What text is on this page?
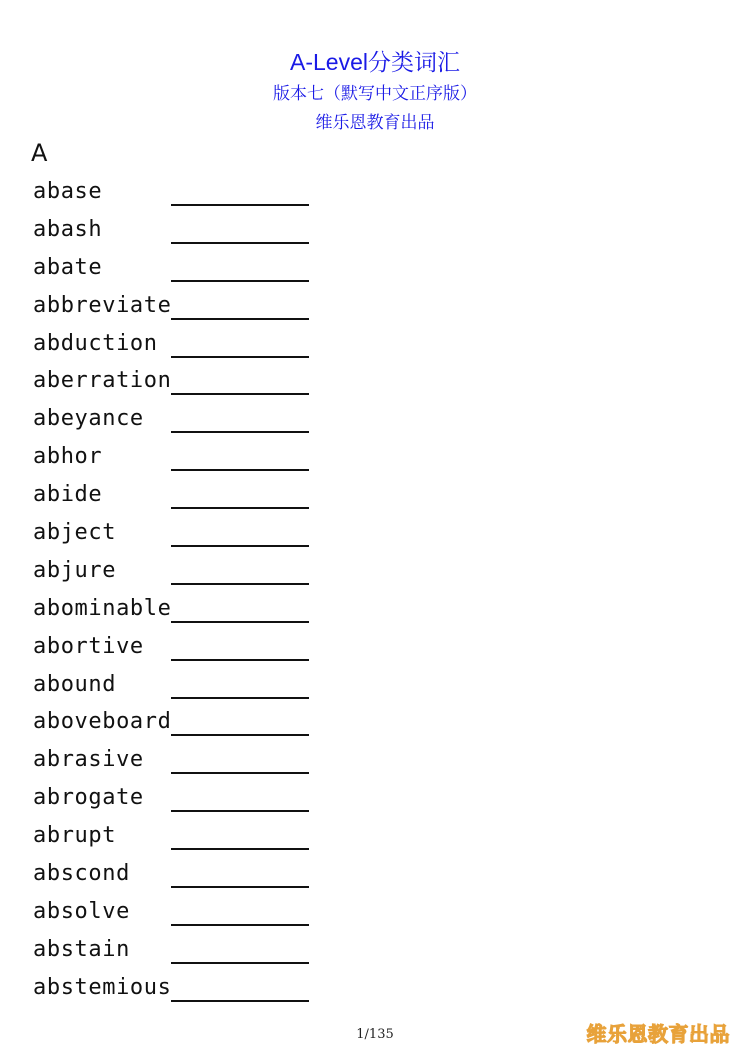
A-Level分类词汇
版本七（默写中文正序版）
维乐恩教育出品
A
abase
abash
abate
abbreviate
abduction
aberration
abeyance
abhor
abide
abject
abjure
abominable
abortive
abound
aboveboard
abrasive
abrogate
abrupt
abscond
absolve
abstain
abstemious
1/135	维乐恩教育出品
